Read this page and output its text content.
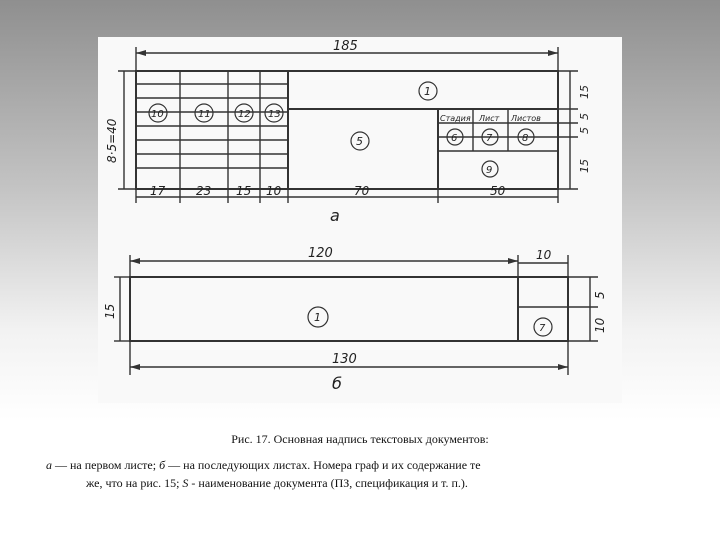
185
8·5=40
15
5
5
15
17	23 15 10	70	50
1
5	6	7	8
9
10	11	12 13	Стадия Лист Листов
а
120	10
15
5
10
1
7
130
б
Рис. 17. Основная надпись текстовых документов:
а — на первом листе; б — на последующих листах. Номера граф и их содержание те
же, что на рис. 15; S - наименование документа (ПЗ, спецификация и т. п.).
